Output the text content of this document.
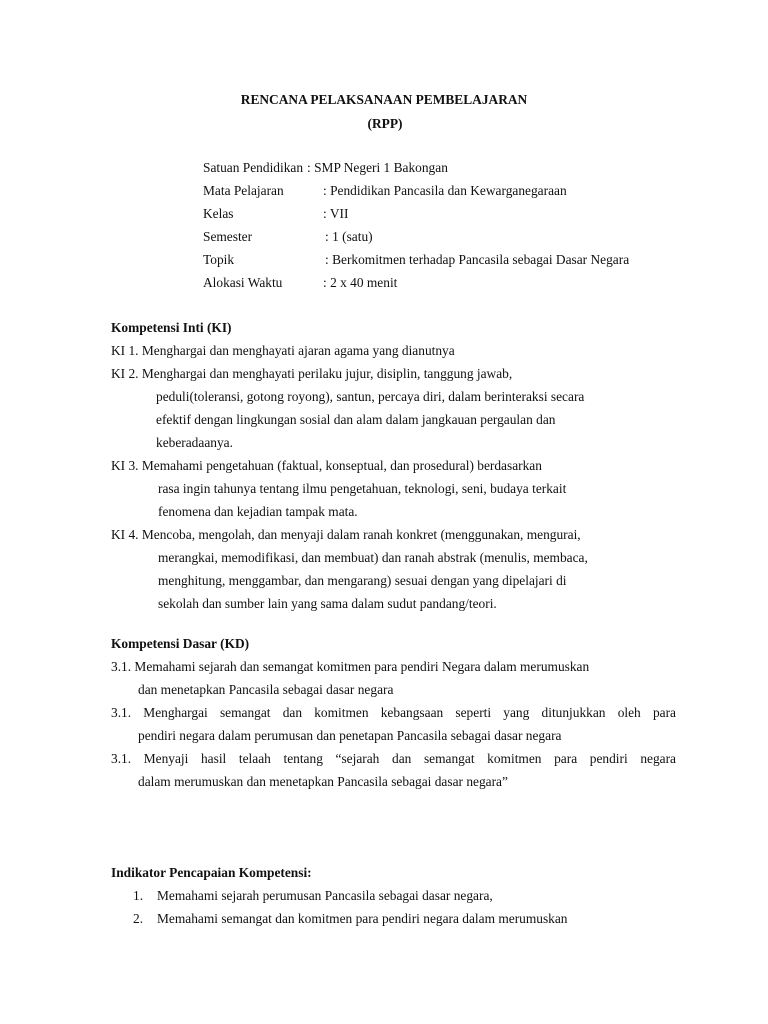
RENCANA PELAKSANAAN PEMBELAJARAN
(RPP)
Satuan Pendidikan : SMP Negeri 1 Bakongan
Mata Pelajaran	: Pendidikan Pancasila dan Kewarganegaraan
Kelas	: VII
Semester	: 1 (satu)
Topik	: Berkomitmen terhadap Pancasila sebagai Dasar Negara
Alokasi Waktu	: 2 x 40 menit
Kompetensi Inti (KI)
KI 1. Menghargai dan menghayati ajaran agama yang dianutnya
KI 2. Menghargai dan menghayati perilaku jujur, disiplin, tanggung jawab,
peduli(toleransi, gotong royong), santun, percaya diri, dalam berinteraksi secara
efektif dengan lingkungan sosial dan alam dalam jangkauan pergaulan dan
keberadaanya.
KI 3. Memahami pengetahuan (faktual, konseptual, dan prosedural) berdasarkan
rasa ingin tahunya tentang ilmu pengetahuan, teknologi, seni, budaya terkait
fenomena dan kejadian tampak mata.
KI 4. Mencoba, mengolah, dan menyaji dalam ranah konkret (menggunakan, mengurai,
merangkai, memodifikasi, dan membuat) dan ranah abstrak (menulis, membaca,
menghitung, menggambar, dan mengarang) sesuai dengan yang dipelajari di
sekolah dan sumber lain yang sama dalam sudut pandang/teori.
Kompetensi Dasar (KD)
3.1. Memahami sejarah dan semangat komitmen para pendiri Negara dalam merumuskan
dan menetapkan Pancasila sebagai dasar negara
3.1. Menghargai semangat dan komitmen kebangsaan seperti yang ditunjukkan oleh para
pendiri negara dalam perumusan dan penetapan Pancasila sebagai dasar negara
3.1. Menyaji hasil telaah tentang “sejarah dan semangat komitmen para pendiri negara
dalam merumuskan dan menetapkan Pancasila sebagai dasar negara”
Indikator Pencapaian Kompetensi:
1. Memahami sejarah perumusan Pancasila sebagai dasar negara,
2. Memahami semangat dan komitmen para pendiri negara dalam merumuskan
